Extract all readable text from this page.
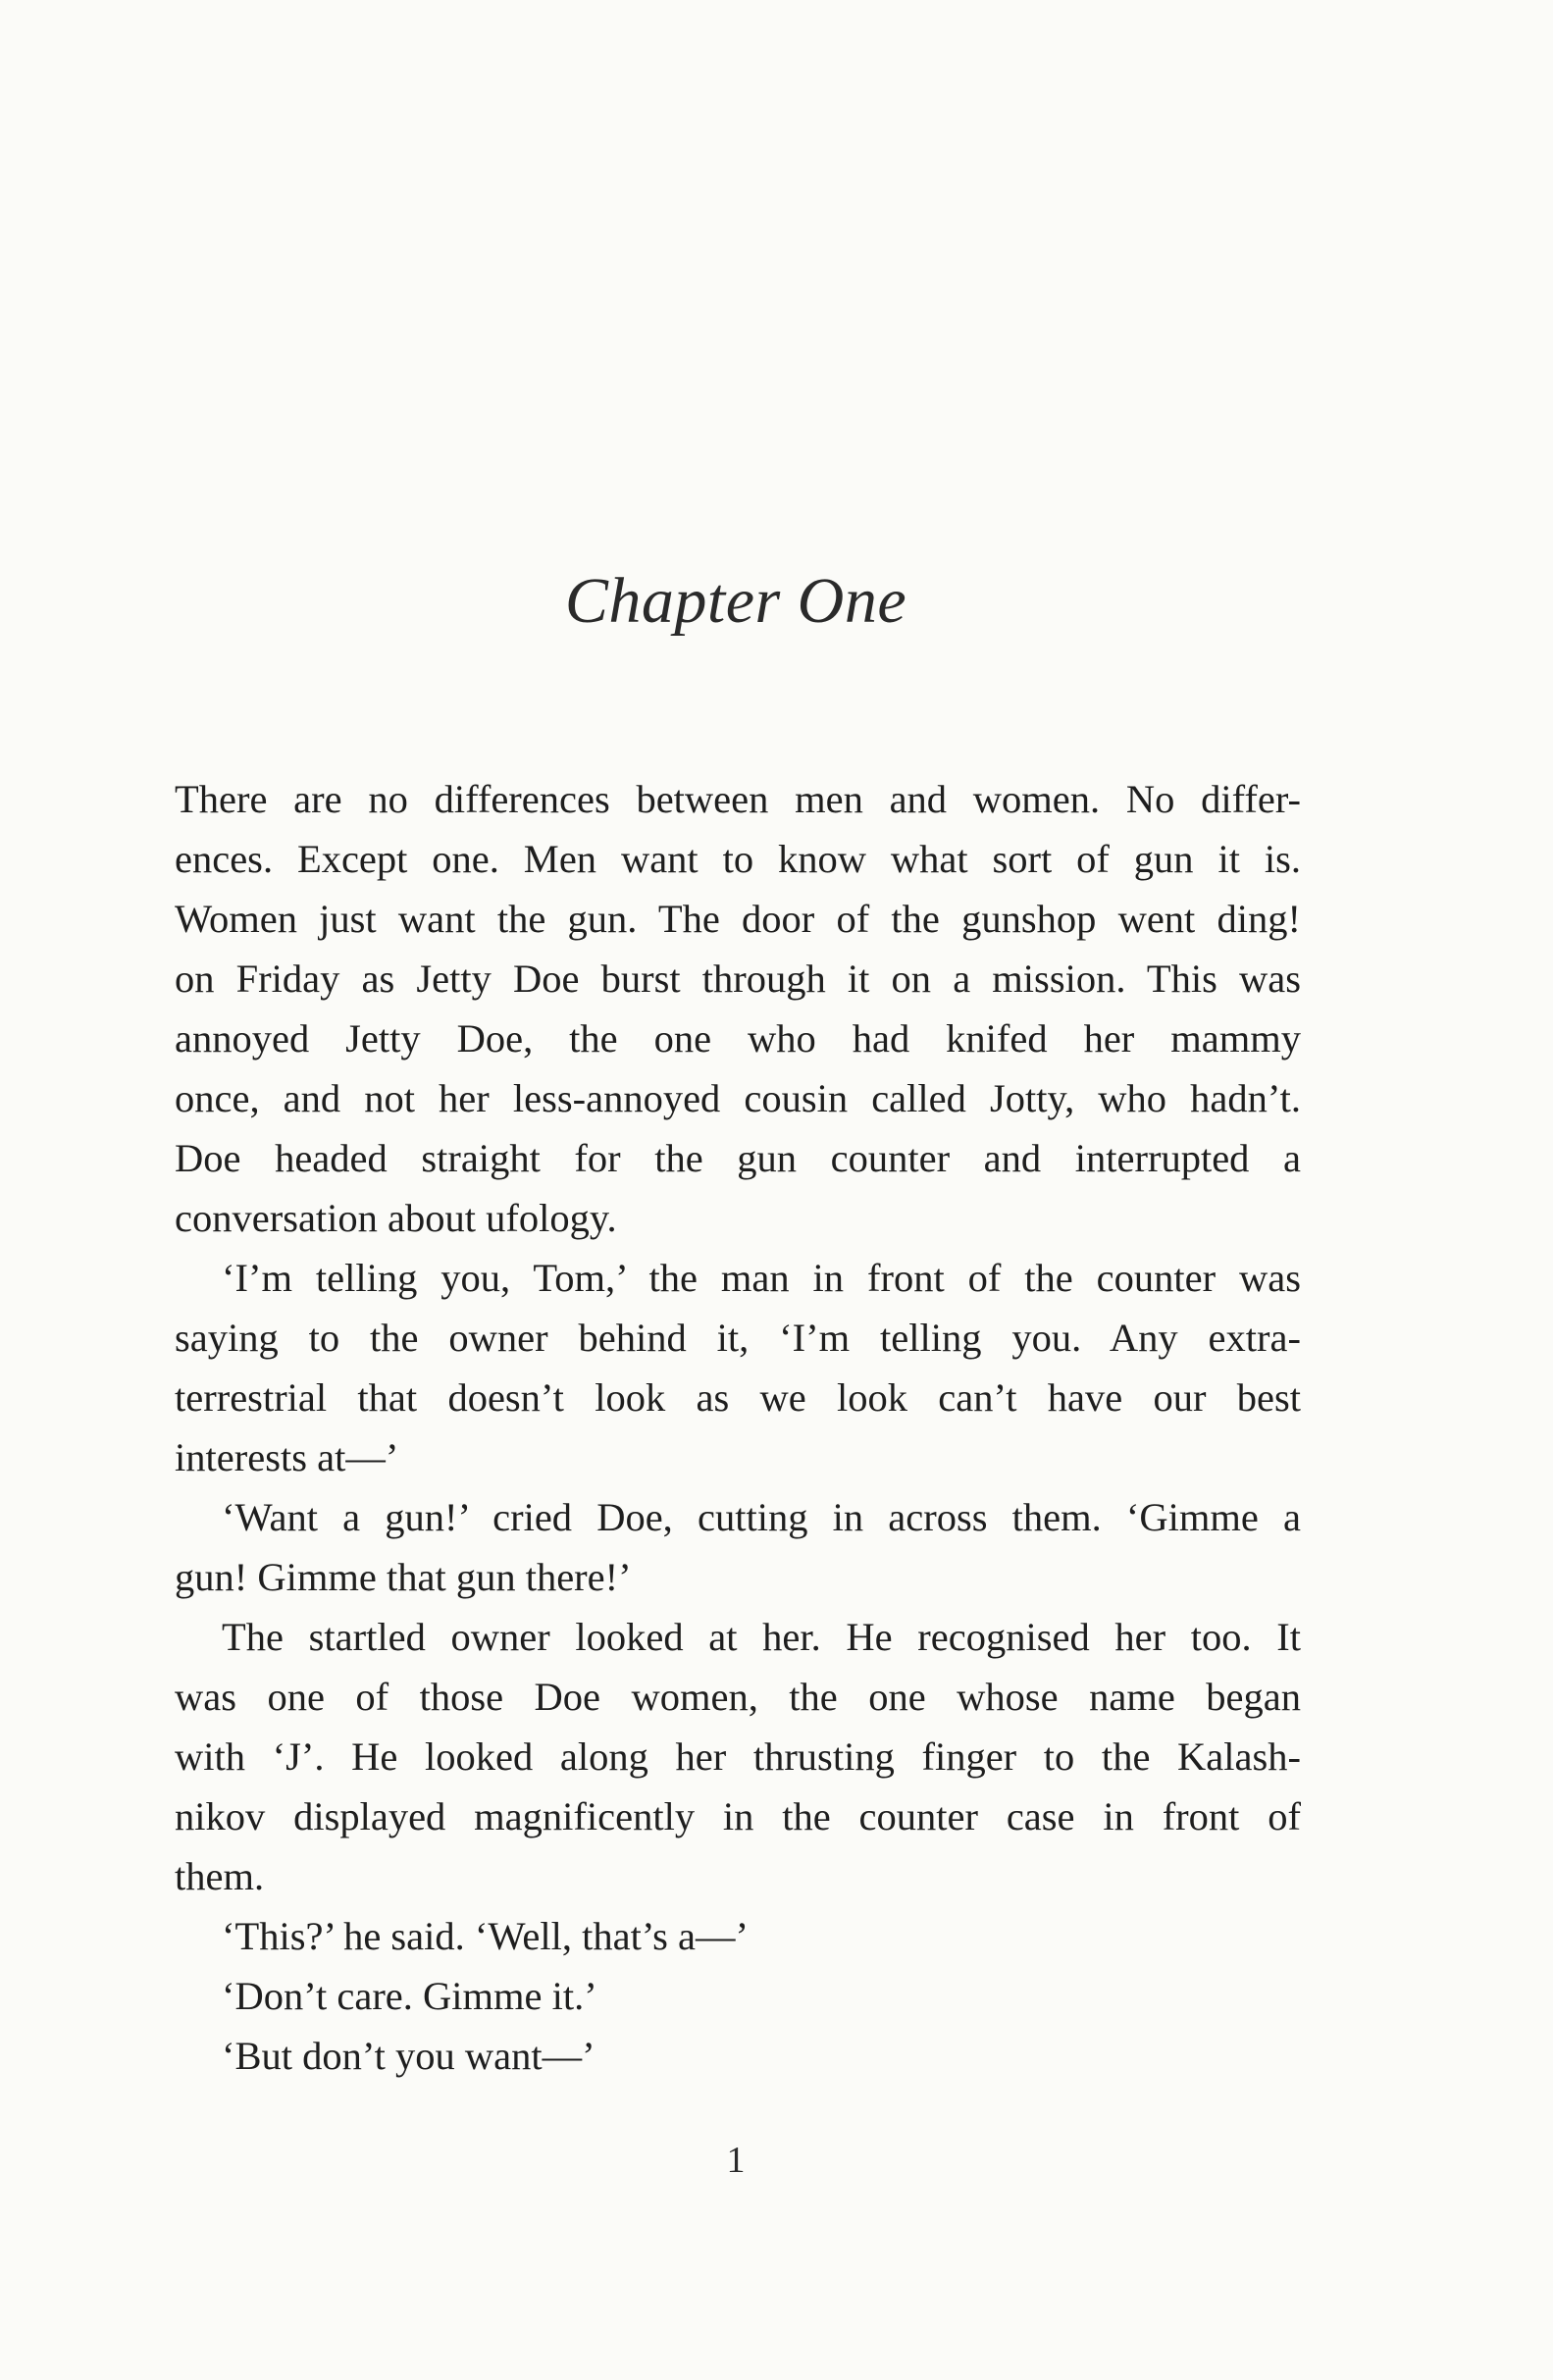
Chapter One
There are no differences between men and women. No differ-
ences. Except one. Men want to know what sort of gun it is.
Women just want the gun. The door of the gunshop went ding!
on Friday as Jetty Doe burst through it on a mission. This was
annoyed Jetty Doe, the one who had knifed her mammy
once, and not her less-annoyed cousin called Jotty, who hadn’t.
Doe headed straight for the gun counter and interrupted a
conversation about ufology.
‘I’m telling you, Tom,’ the man in front of the counter was
saying to the owner behind it, ‘I’m telling you. Any extra-
terrestrial that doesn’t look as we look can’t have our best
interests at—’
‘Want a gun!’ cried Doe, cutting in across them. ‘Gimme a
gun! Gimme that gun there!’
The startled owner looked at her. He recognised her too. It
was one of those Doe women, the one whose name began
with ‘J’. He looked along her thrusting finger to the Kalash-
nikov displayed magnificently in the counter case in front of
them.
‘This?’ he said. ‘Well, that’s a—’
‘Don’t care. Gimme it.’
‘But don’t you want—’
1
